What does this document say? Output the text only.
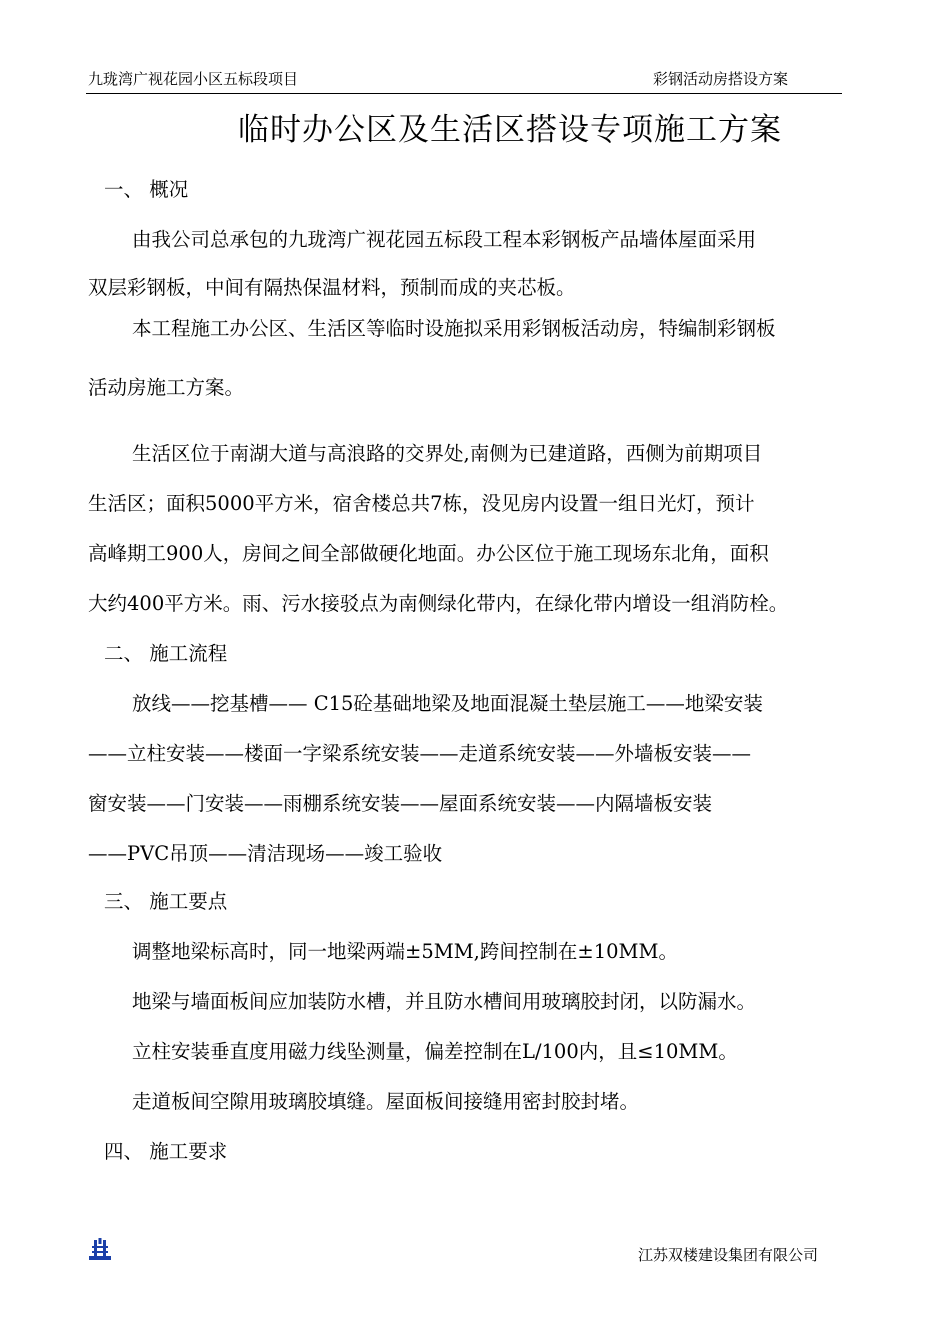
九珑湾广视花园小区五标段项目	彩钢活动房搭设方案
临时办公区及生活区搭设专项施工方案
一、 概况
由我公司总承包的九珑湾广视花园五标段工程本彩钢板产品墙体屋面采用
双层彩钢板，中间有隔热保温材料，预制而成的夹芯板。
本工程施工办公区、生活区等临时设施拟采用彩钢板活动房，特编制彩钢板
活动房施工方案。
生活区位于南湖大道与高浪路的交界处,南侧为已建道路，西侧为前期项目
生活区；面积5000平方米，宿舍楼总共7栋，没见房内设置一组日光灯，预计
高峰期工900人，房间之间全部做硬化地面。办公区位于施工现场东北角，面积
大约400平方米。雨、污水接驳点为南侧绿化带内，在绿化带内增设一组消防栓。
二、 施工流程
放线——挖基槽—— C15砼基础地梁及地面混凝土垫层施工——地梁安装
——立柱安装——楼面一字梁系统安装——走道系统安装——外墙板安装——
窗安装——门安装——雨棚系统安装——屋面系统安装——内隔墙板安装
——PVC吊顶——清洁现场——竣工验收
三、 施工要点
调整地梁标高时，同一地梁两端±5MM,跨间控制在±10MM。
地梁与墙面板间应加装防水槽，并且防水槽间用玻璃胶封闭，以防漏水。
立柱安装垂直度用磁力线坠测量，偏差控制在L/100内，且≤10MM。
走道板间空隙用玻璃胶填缝。屋面板间接缝用密封胶封堵。
四、 施工要求
江苏双楼建设集团有限公司
